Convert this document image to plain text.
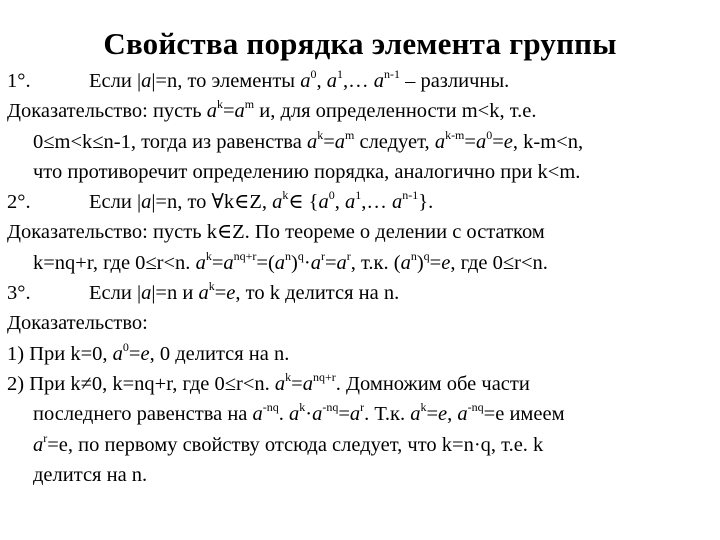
Свойства порядка элемента группы
1°.	Если |a|=n, то элементы $a^0$, $a^1,\dots$ $a^{n-1}$ – различны.
Доказательство: пусть $a^k=a^m$ и, для определенности m<k, т.е.
0≤m<k≤n-1, тогда из равенства $a^k=a^m$ следует, $a^{k-m}=a^0=e$, k-m<n,
что противоречит определению порядка, аналогично при k<m.
2°.	Если |a|=n, то ∀k∈Z, $a^k\in$ {$a^0$, $a^1,\dots$ $a^{n-1}$}.
Доказательство: пусть k∈Z. По теореме о делении с остатком
k=nq+r, где 0≤r<n. $a^k=a^{nq+r}=(a^n)^q\cdot a^r=a^r$, т.к. $(a^n)^q=e$, где 0≤r<n.
3°.	Если |a|=n и $a^k=e$, то k делится на n.
Доказательство:
1) При k=0, $a^0=e$, 0 делится на n.
2) При k≠0, k=nq+r, где 0≤r<n. $a^k=a^{nq+r}$. Домножим обе части
последнего равенства на $a^{-nq}$. $a^k\cdot a^{-nq}=a^r$. Т.к. $a^k=e$, $a^{-nq}=e$ имеем
$a^r=e$, по первому свойству отсюда следует, что k=n·q, т.е. k
делится на n.
